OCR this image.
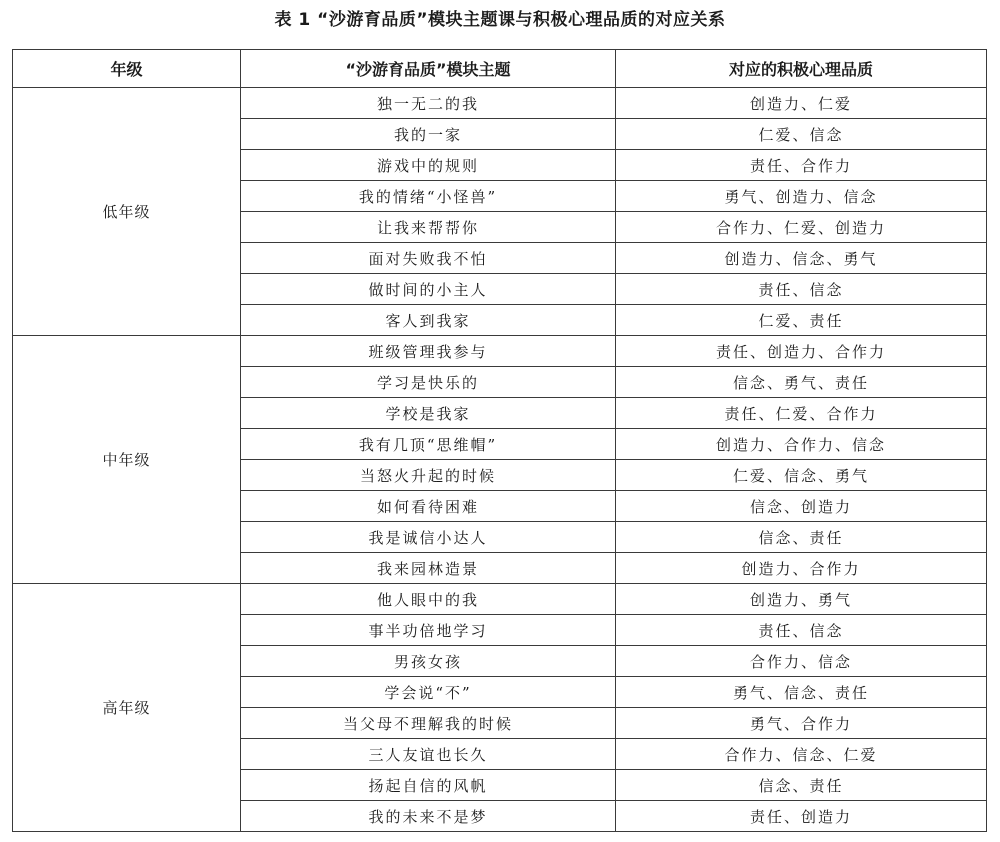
表 1 “沙游育品质”模块主题课与积极心理品质的对应关系
年级	“沙游育品质”模块主题	对应的积极心理品质
低年级	独一无二的我	创造力、仁爱
	我的一家	仁爱、信念
	游戏中的规则	责任、合作力
	我的情绪“小怪兽”	勇气、创造力、信念
	让我来帮帮你	合作力、仁爱、创造力
	面对失败我不怕	创造力、信念、勇气
	做时间的小主人	责任、信念
	客人到我家	仁爱、责任
中年级	班级管理我参与	责任、创造力、合作力
	学习是快乐的	信念、勇气、责任
	学校是我家	责任、仁爱、合作力
	我有几顶“思维帽”	创造力、合作力、信念
	当怒火升起的时候	仁爱、信念、勇气
	如何看待困难	信念、创造力
	我是诚信小达人	信念、责任
	我来园林造景	创造力、合作力
高年级	他人眼中的我	创造力、勇气
	事半功倍地学习	责任、信念
	男孩女孩	合作力、信念
	学会说“不”	勇气、信念、责任
	当父母不理解我的时候	勇气、合作力
	三人友谊也长久	合作力、信念、仁爱
	扬起自信的风帆	信念、责任
	我的未来不是梦	责任、创造力
